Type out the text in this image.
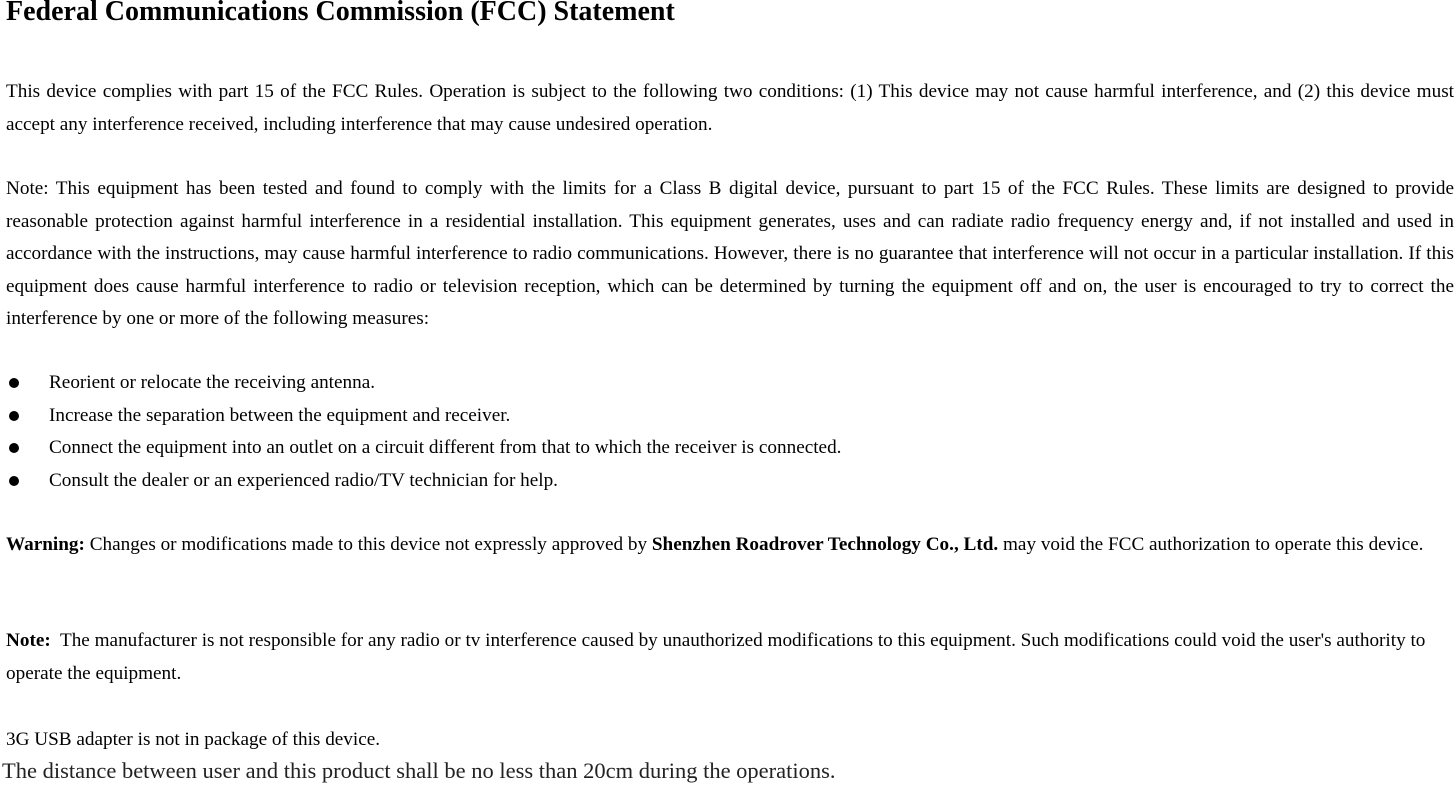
Federal Communications Commission (FCC) Statement
This device complies with part 15 of the FCC Rules. Operation is subject to the following two conditions: (1) This device may not cause harmful interference, and (2) this device must accept any interference received, including interference that may cause undesired operation.
Note: This equipment has been tested and found to comply with the limits for a Class B digital device, pursuant to part 15 of the FCC Rules. These limits are designed to provide reasonable protection against harmful interference in a residential installation. This equipment generates, uses and can radiate radio frequency energy and, if not installed and used in accordance with the instructions, may cause harmful interference to radio communications. However, there is no guarantee that interference will not occur in a particular installation. If this equipment does cause harmful interference to radio or television reception, which can be determined by turning the equipment off and on, the user is encouraged to try to correct the interference by one or more of the following measures:
Reorient or relocate the receiving antenna.
Increase the separation between the equipment and receiver.
Connect the equipment into an outlet on a circuit different from that to which the receiver is connected.
Consult the dealer or an experienced radio/TV technician for help.
Warning: Changes or modifications made to this device not expressly approved by Shenzhen Roadrover Technology Co., Ltd. may void the FCC authorization to operate this device.
Note:  The manufacturer is not responsible for any radio or tv interference caused by unauthorized modifications to this equipment. Such modifications could void the user's authority to operate the equipment.
3G USB adapter is not in package of this device.
The distance between user and this product shall be no less than 20cm during the operations.
